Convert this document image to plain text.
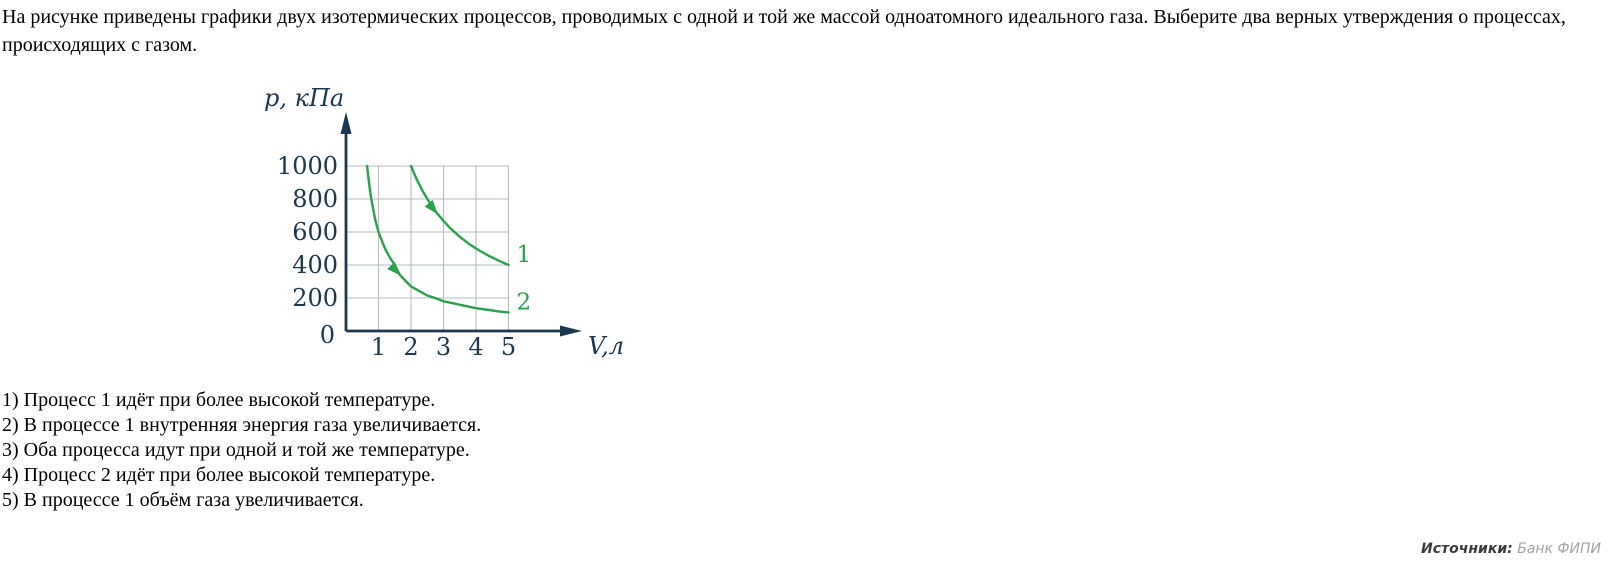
На рисунке приведены графики двух изотермических процессов, проводимых с одной и той же массой одноатомного идеального газа. Выберите два верных утверждения о процессах, происходящих с газом.
p, кПа
V,л
0
200
400
600
800
1000
1 2 3 4 5
1
2
1) Процесс 1 идёт при более высокой температуре.
2) В процессе 1 внутренняя энергия газа увеличивается.
3) Оба процесса идут при одной и той же температуре.
4) Процесс 2 идёт при более высокой температуре.
5) В процессе 1 объём газа увеличивается.
Источники: Банк ФИПИ
